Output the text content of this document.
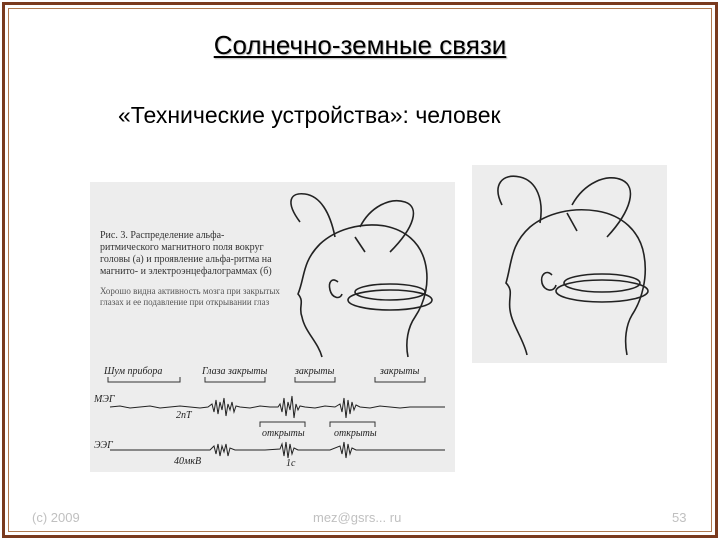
Солнечно-земные связи
«Технические устройства»: человек
Рис. 3. Распределение альфа-ритмического магнитного поля вокруг головы (а) и проявление альфа-ритма на магнито- и электроэнцефалограммах (б)
Хорошо видна активность мозга при закрытых глазах и ее подавление при открывании глаз
Шум прибора	Глаза закрыты	закрыты	закрыты
МЭГ
2пТ
открыты	открыты
ЭЭГ
40мкВ	1с
(c) 2009	mez@gsrs... ru	53
